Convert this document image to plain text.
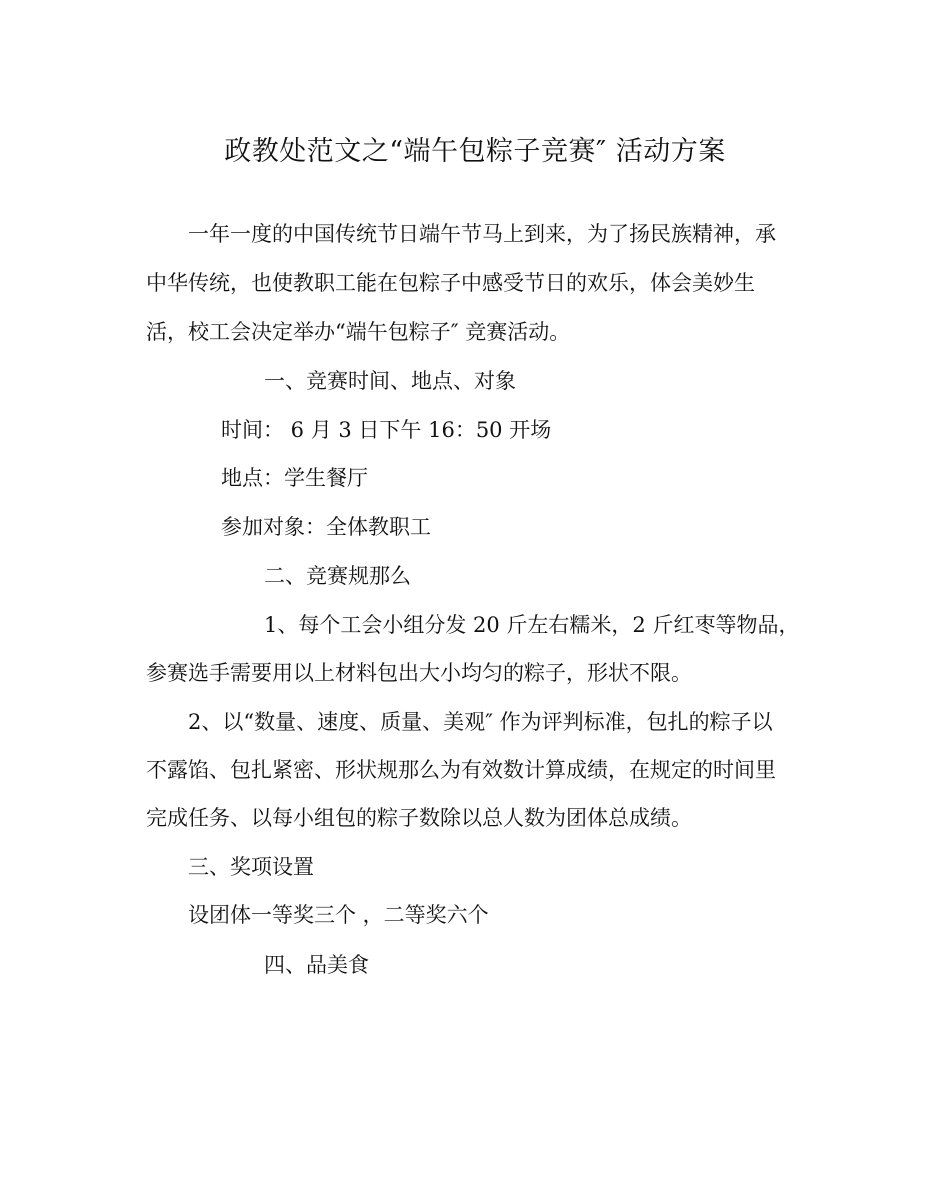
政教处范文之“端午包粽子竞赛″ 活动方案
一年一度的中国传统节日端午节马上到来，为了扬民族精神，承
中华传统，也使教职工能在包粽子中感受节日的欢乐，体会美妙生
活，校工会决定举办“端午包粽子″ 竞赛活动。
一、竞赛时间、地点、对象
时间： 6 月 3 日下午 16：50 开场
地点：学生餐厅
参加对象：全体教职工
二、竞赛规那么
1、每个工会小组分发 20 斤左右糯米，2 斤红枣等物品，
参赛选手需要用以上材料包出大小均匀的粽子，形状不限。
2、以“数量、速度、质量、美观″ 作为评判标准，包扎的粽子以
不露馅、包扎紧密、形状规那么为有效数计算成绩，在规定的时间里
完成任务、以每小组包的粽子数除以总人数为团体总成绩。
三、奖项设置
设团体一等奖三个 ，二等奖六个
四、品美食
